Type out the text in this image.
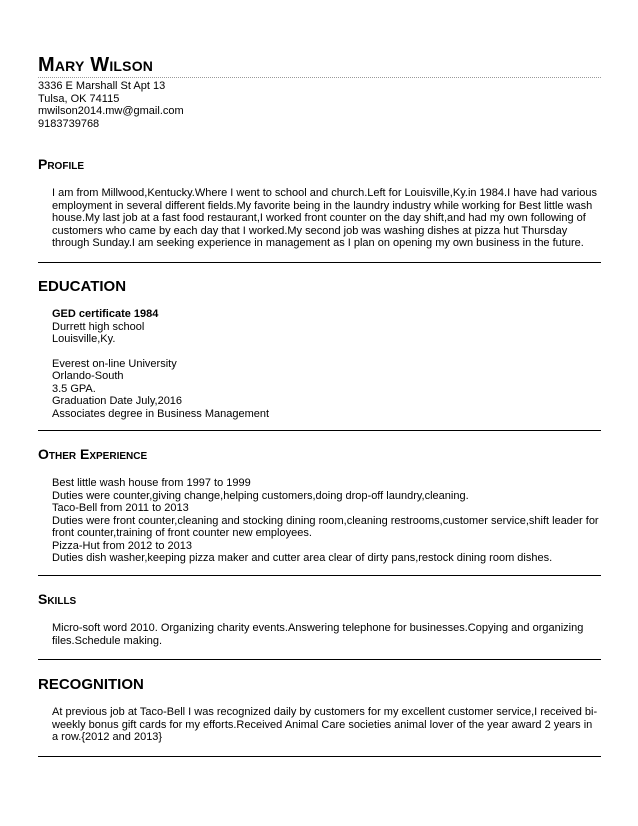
Mary Wilson
3336 E Marshall St Apt 13
Tulsa, OK 74115
mwilson2014.mw@gmail.com
9183739768
Profile
I am from Millwood,Kentucky.Where I went to school and church.Left for Louisville,Ky.in 1984.I have had various employment in several different fields.My favorite being in the laundry industry while working for Best little wash house.My last job at a fast food restaurant,I worked front counter on the day shift,and had my own following of customers who came by each day that I worked.My second job was washing dishes at pizza hut Thursday through Sunday.I am seeking experience in management as I plan on opening my own business in the future.
EDUCATION
GED certificate 1984
Durrett high school
Louisville,Ky.
Everest on-line University
Orlando-South
3.5 GPA.
Graduation Date July,2016
Associates degree in Business Management
Other Experience
Best little wash house from 1997 to 1999
Duties were counter,giving change,helping customers,doing drop-off laundry,cleaning.
Taco-Bell from 2011 to 2013
Duties were front counter,cleaning and stocking dining room,cleaning restrooms,customer service,shift leader for front counter,training of front counter new employees.
Pizza-Hut from 2012 to 2013
Duties dish washer,keeping pizza maker and cutter area clear of dirty pans,restock dining room dishes.
Skills
Micro-soft word 2010. Organizing charity events.Answering telephone for businesses.Copying and organizing files.Schedule making.
RECOGNITION
At previous job at Taco-Bell I was recognized daily by customers for my excellent customer service,I received bi-weekly bonus gift cards for my efforts.Received Animal Care societies animal lover of the year award 2 years in a row.{2012 and 2013}
